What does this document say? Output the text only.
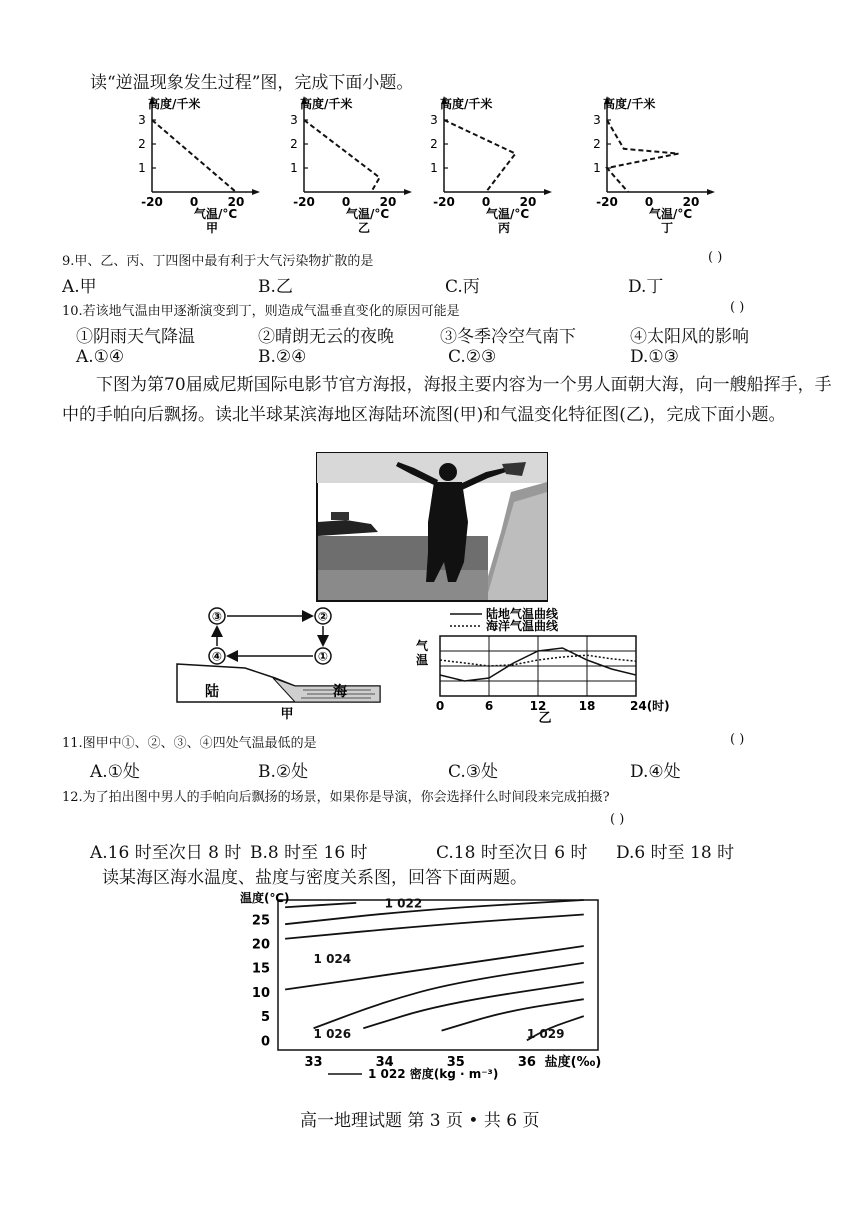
读“逆温现象发生过程”图，完成下面小题。
高度/千米
1
2
3
-20 0 20
气温/°C
甲
高度/千米
1
2
3
-20 0 20
气温/°C
乙
高度/千米
1
2
3
-20 0 20
气温/°C
丙
高度/千米
1
2
3
-20 0 20
气温/°C
丁
9.甲、乙、丙、丁四图中最有利于大气污染物扩散的是	( )
A.甲	B.乙	C.丙	D.丁
10.若该地气温由甲逐渐演变到丁，则造成气温垂直变化的原因可能是	( )
①阴雨天气降温	②晴朗无云的夜晚	③冬季冷空气南下	④太阳风的影响
A.①④	B.②④	C.②③	D.①③
下图为第70届威尼斯国际电影节官方海报，海报主要内容为一个男人面朝大海，向一艘船挥手，手中的手帕向后飘扬。读北半球某滨海地区海陆环流图(甲)和气温变化特征图(乙)，完成下面小题。
③	②
④	①
陆	海
甲
陆地气温曲线
海洋气温曲线
气
温
0	6	12	18	24(时)
乙
11.图甲中①、②、③、④四处气温最低的是	( )
A.①处	B.②处	C.③处	D.④处
12.为了拍出图中男人的手帕向后飘扬的场景，如果你是导演，你会选择什么时间段来完成拍摄?
( )
A.16 时至次日 8 时 B.8 时至 16 时	C.18 时至次日 6 时 D.6 时至 18 时
读某海区海水温度、盐度与密度关系图，回答下面两题。
温度(℃)
0
5
10
15
20
25
33	34	35	36 盐度(‰)
1 022 密度(kg · m⁻³)
1 022
1 024
1 026	1 029
高一地理试题 第 3 页 • 共 6 页
